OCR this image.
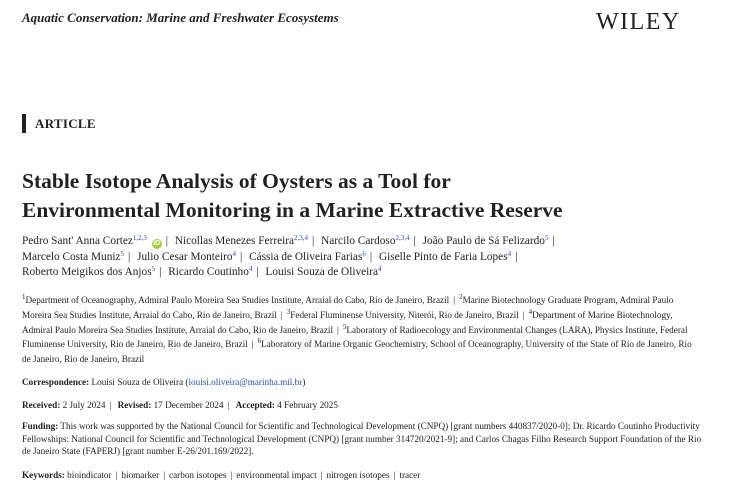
Aquatic Conservation: Marine and Freshwater Ecosystems	WILEY
ARTICLE
Stable Isotope Analysis of Oysters as a Tool for
Environmental Monitoring in a Marine Extractive Reserve
Pedro Sant' Anna Cortez$^{1,2,3}$ iD | Nicollas Menezes Ferreira$^{2,3,4}$ | Narcilo Cardoso$^{2,3,4}$ | João Paulo de Sá Felizardo$^5$ |
Marcelo Costa Muniz$^5$ | Julio Cesar Monteiro$^4$ | Cássia de Oliveira Farias$^6$ | Giselle Pinto de Faria Lopes$^4$ |
Roberto Meigikos dos Anjos$^5$ | Ricardo Coutinho$^4$ | Louisi Souza de Oliveira$^4$
$^1$Department of Oceanography, Admiral Paulo Moreira Sea Studies Institute, Arraial do Cabo, Rio de Janeiro, Brazil | $^2$Marine Biotechnology Graduate Program, Admiral Paulo Moreira Sea Studies Institute, Arraial do Cabo, Rio de Janeiro, Brazil | $^3$Federal Fluminense University, Niterói, Rio de Janeiro, Brazil | $^4$Department of Marine Biotechnology, Admiral Paulo Moreira Sea Studies Institute, Arraial do Cabo, Rio de Janeiro, Brazil | $^5$Laboratory of Radioecology and Environmental Changes (LARA), Physics Institute, Federal Fluminense University, Rio de Janeiro, Rio de Janeiro, Brazil | $^6$Laboratory of Marine Organic Geochemistry, School of Oceanography, University of the State of Rio de Janeiro, Rio de Janeiro, Rio de Janeiro, Brazil
Correspondence: Louisi Souza de Oliveira (louisi.oliveira@marinha.mil.br)
Received: 2 July 2024 | Revised: 17 December 2024 | Accepted: 4 February 2025
Funding: This work was supported by the National Council for Scientific and Technological Development (CNPQ) [grant numbers 440837/2020-0]; Dr. Ricardo Coutinho Productivity Fellowships: National Council for Scientific and Technological Development (CNPQ) [grant number 314720/2021-9]; and Carlos Chagas Filho Research Support Foundation of the Rio de Janeiro State (FAPERJ) [grant number E-26/201.169/2022].
Keywords: bioindicator | biomarker | carbon isotopes | environmental impact | nitrogen isotopes | tracer
